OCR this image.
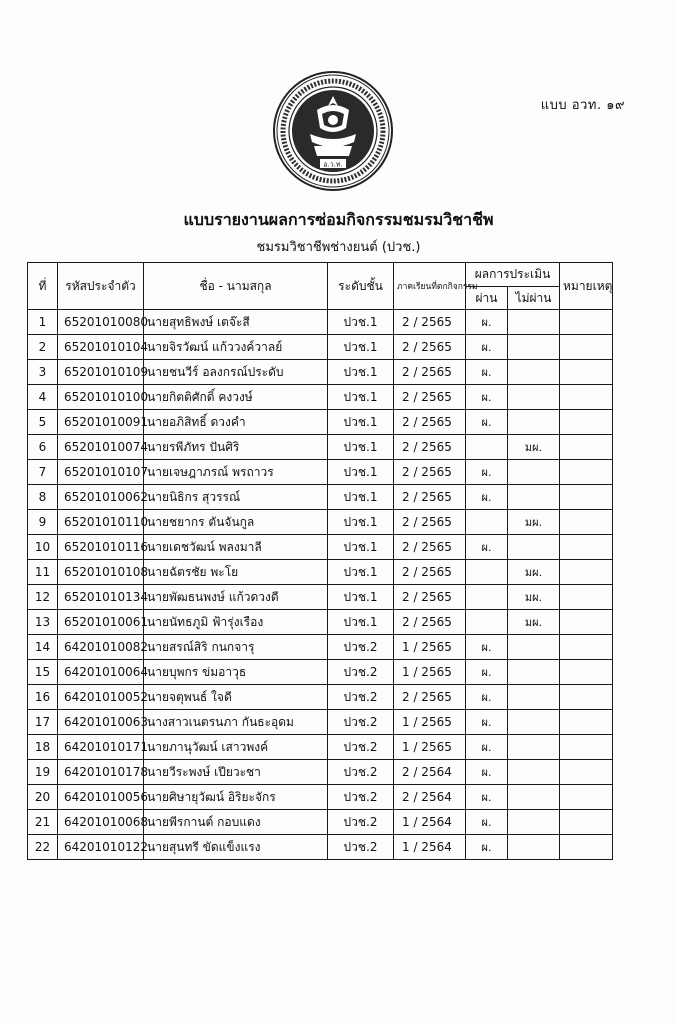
แบบ อวท. ๑๙
อ.ว.ท.
แบบรายงานผลการซ่อมกิจกรรมชมรมวิชาชีพ
ชมรมวิชาชีพช่างยนต์ (ปวช.)
ที่	รหัสประจำตัว	ชื่อ - นามสกุล	ระดับชั้น	ภาคเรียนที่ตกกิจกรรม	ผลการประเมิน		หมายเหตุ
					ผ่าน	ไม่ผ่าน	
1	65201010080	นายสุทธิพงษ์ เตจ๊ะสี	ปวช.1	2 / 2565	ผ.		
2	65201010104	นายจิรวัฒน์ แก้ววงค์วาลย์	ปวช.1	2 / 2565	ผ.		
3	65201010109	นายชนวีร์ อลงกรณ์ประดับ	ปวช.1	2 / 2565	ผ.		
4	65201010100	นายกิตติศักดิ์ คงวงษ์	ปวช.1	2 / 2565	ผ.		
5	65201010091	นายอภิสิทธิ์ ดวงคำ	ปวช.1	2 / 2565	ผ.		
6	65201010074	นายรพีภัทร ปันศิริ	ปวช.1	2 / 2565		มผ.	
7	65201010107	นายเจษฎาภรณ์ พรถาวร	ปวช.1	2 / 2565	ผ.		
8	65201010062	นายนิธิกร สุวรรณ์	ปวช.1	2 / 2565	ผ.		
9	65201010110	นายชยากร ตันจันกูล	ปวช.1	2 / 2565		มผ.	
10	65201010116	นายเดชวัฒน์ พลงมาลี	ปวช.1	2 / 2565	ผ.		
11	65201010108	นายฉัตรชัย พะโย	ปวช.1	2 / 2565		มผ.	
12	65201010134	นายพัฒธนพงษ์ แก้วดวงดี	ปวช.1	2 / 2565		มผ.	
13	65201010061	นายนัทธภูมิ ฟ้ารุ่งเรือง	ปวช.1	2 / 2565		มผ.	
14	64201010082	นายสรณ์สิริ กนกจารุ	ปวช.2	1 / 2565	ผ.		
15	64201010064	นายบุพกร ข่มอาวุธ	ปวช.2	1 / 2565	ผ.		
16	64201010052	นายจตุพนธ์ ใจดี	ปวช.2	2 / 2565	ผ.		
17	64201010063	นางสาวเนตรนภา กันธะอุดม	ปวช.2	1 / 2565	ผ.		
18	64201010171	นายภานุวัฒน์ เสาวพงค์	ปวช.2	1 / 2565	ผ.		
19	64201010178	นายวีระพงษ์ เปียวะชา	ปวช.2	2 / 2564	ผ.		
20	64201010056	นายศิษายุวัฒน์ อิริยะจักร	ปวช.2	2 / 2564	ผ.		
21	64201010068	นายพีรกานต์ กอบแดง	ปวช.2	1 / 2564	ผ.		
22	64201010122	นายสุนทรี ขัดแข็งแรง	ปวช.2	1 / 2564	ผ.		
